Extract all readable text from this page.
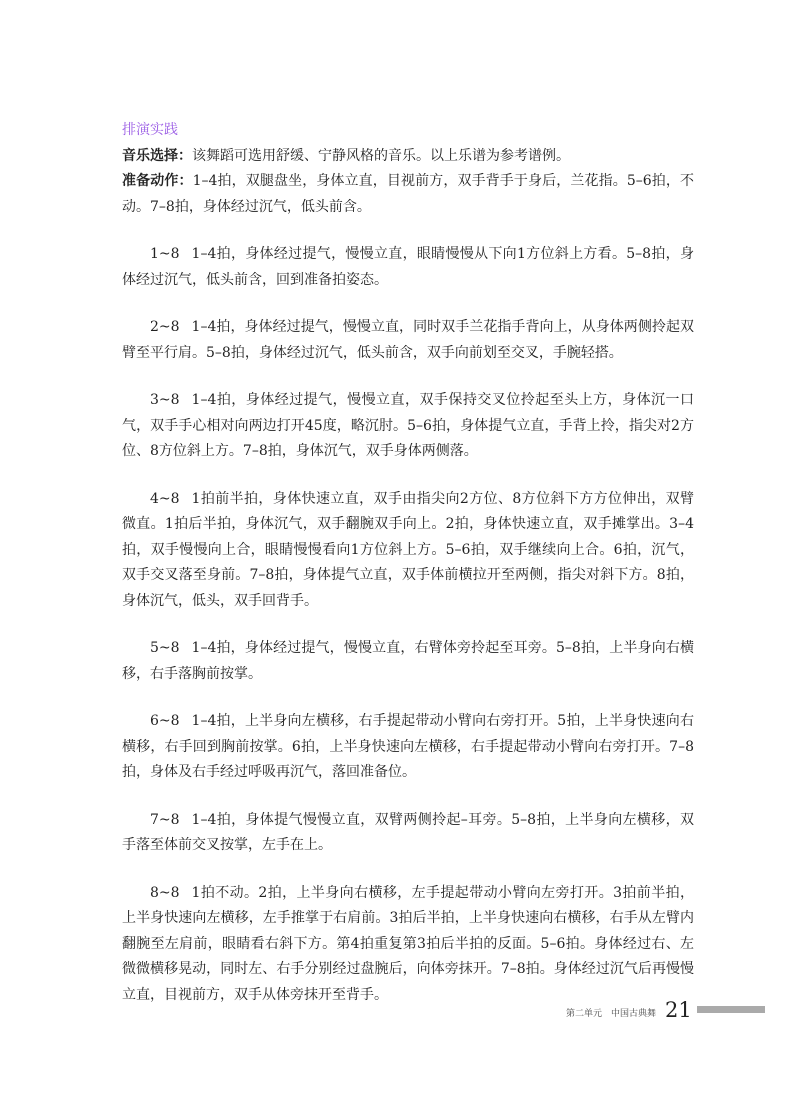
排演实践

音乐选择：该舞蹈可选用舒缓、宁静风格的音乐。以上乐谱为参考谱例。

准备动作：1–4拍，双腿盘坐，身体立直，目视前方，双手背手于身后，兰花指。5–6拍，不动。7–8拍，身体经过沉气，低头前含。

1~8 1–4拍，身体经过提气，慢慢立直，眼睛慢慢从下向1方位斜上方看。5–8拍，身体经过沉气，低头前含，回到准备拍姿态。

2~8 1–4拍，身体经过提气，慢慢立直，同时双手兰花指手背向上，从身体两侧拎起双臂至平行肩。5–8拍，身体经过沉气，低头前含，双手向前划至交叉，手腕轻搭。

3~8 1–4拍，身体经过提气，慢慢立直，双手保持交叉位拎起至头上方，身体沉一口气，双手手心相对向两边打开45度，略沉肘。5–6拍，身体提气立直，手背上拎，指尖对2方位、8方位斜上方。7–8拍，身体沉气，双手身体两侧落。

4~8 1拍前半拍，身体快速立直，双手由指尖向2方位、8方位斜下方方位伸出，双臂微直。1拍后半拍，身体沉气，双手翻腕双手向上。2拍，身体快速立直，双手摊掌出。3–4拍，双手慢慢向上合，眼睛慢慢看向1方位斜上方。5–6拍，双手继续向上合。6拍，沉气，双手交叉落至身前。7–8拍，身体提气立直，双手体前横拉开至两侧，指尖对斜下方。8拍，身体沉气，低头，双手回背手。

5~8 1–4拍，身体经过提气，慢慢立直，右臂体旁拎起至耳旁。5–8拍，上半身向右横移，右手落胸前按掌。

6~8 1–4拍，上半身向左横移，右手提起带动小臂向右旁打开。5拍，上半身快速向右横移，右手回到胸前按掌。6拍，上半身快速向左横移，右手提起带动小臂向右旁打开。7–8拍，身体及右手经过呼吸再沉气，落回准备位。

7~8 1–4拍，身体提气慢慢立直，双臂两侧拎起–耳旁。5–8拍，上半身向左横移，双手落至体前交叉按掌，左手在上。

8~8 1拍不动。2拍，上半身向右横移，左手提起带动小臂向左旁打开。3拍前半拍，上半身快速向左横移，左手推掌于右肩前。3拍后半拍，上半身快速向右横移，右手从左臂内翻腕至左肩前，眼睛看右斜下方。第4拍重复第3拍后半拍的反面。5–6拍。身体经过右、左微微横移晃动，同时左、右手分别经过盘腕后，向体旁抹开。7–8拍。身体经过沉气后再慢慢立直，目视前方，双手从体旁抹开至背手。

第二单元　中国古典舞 21
